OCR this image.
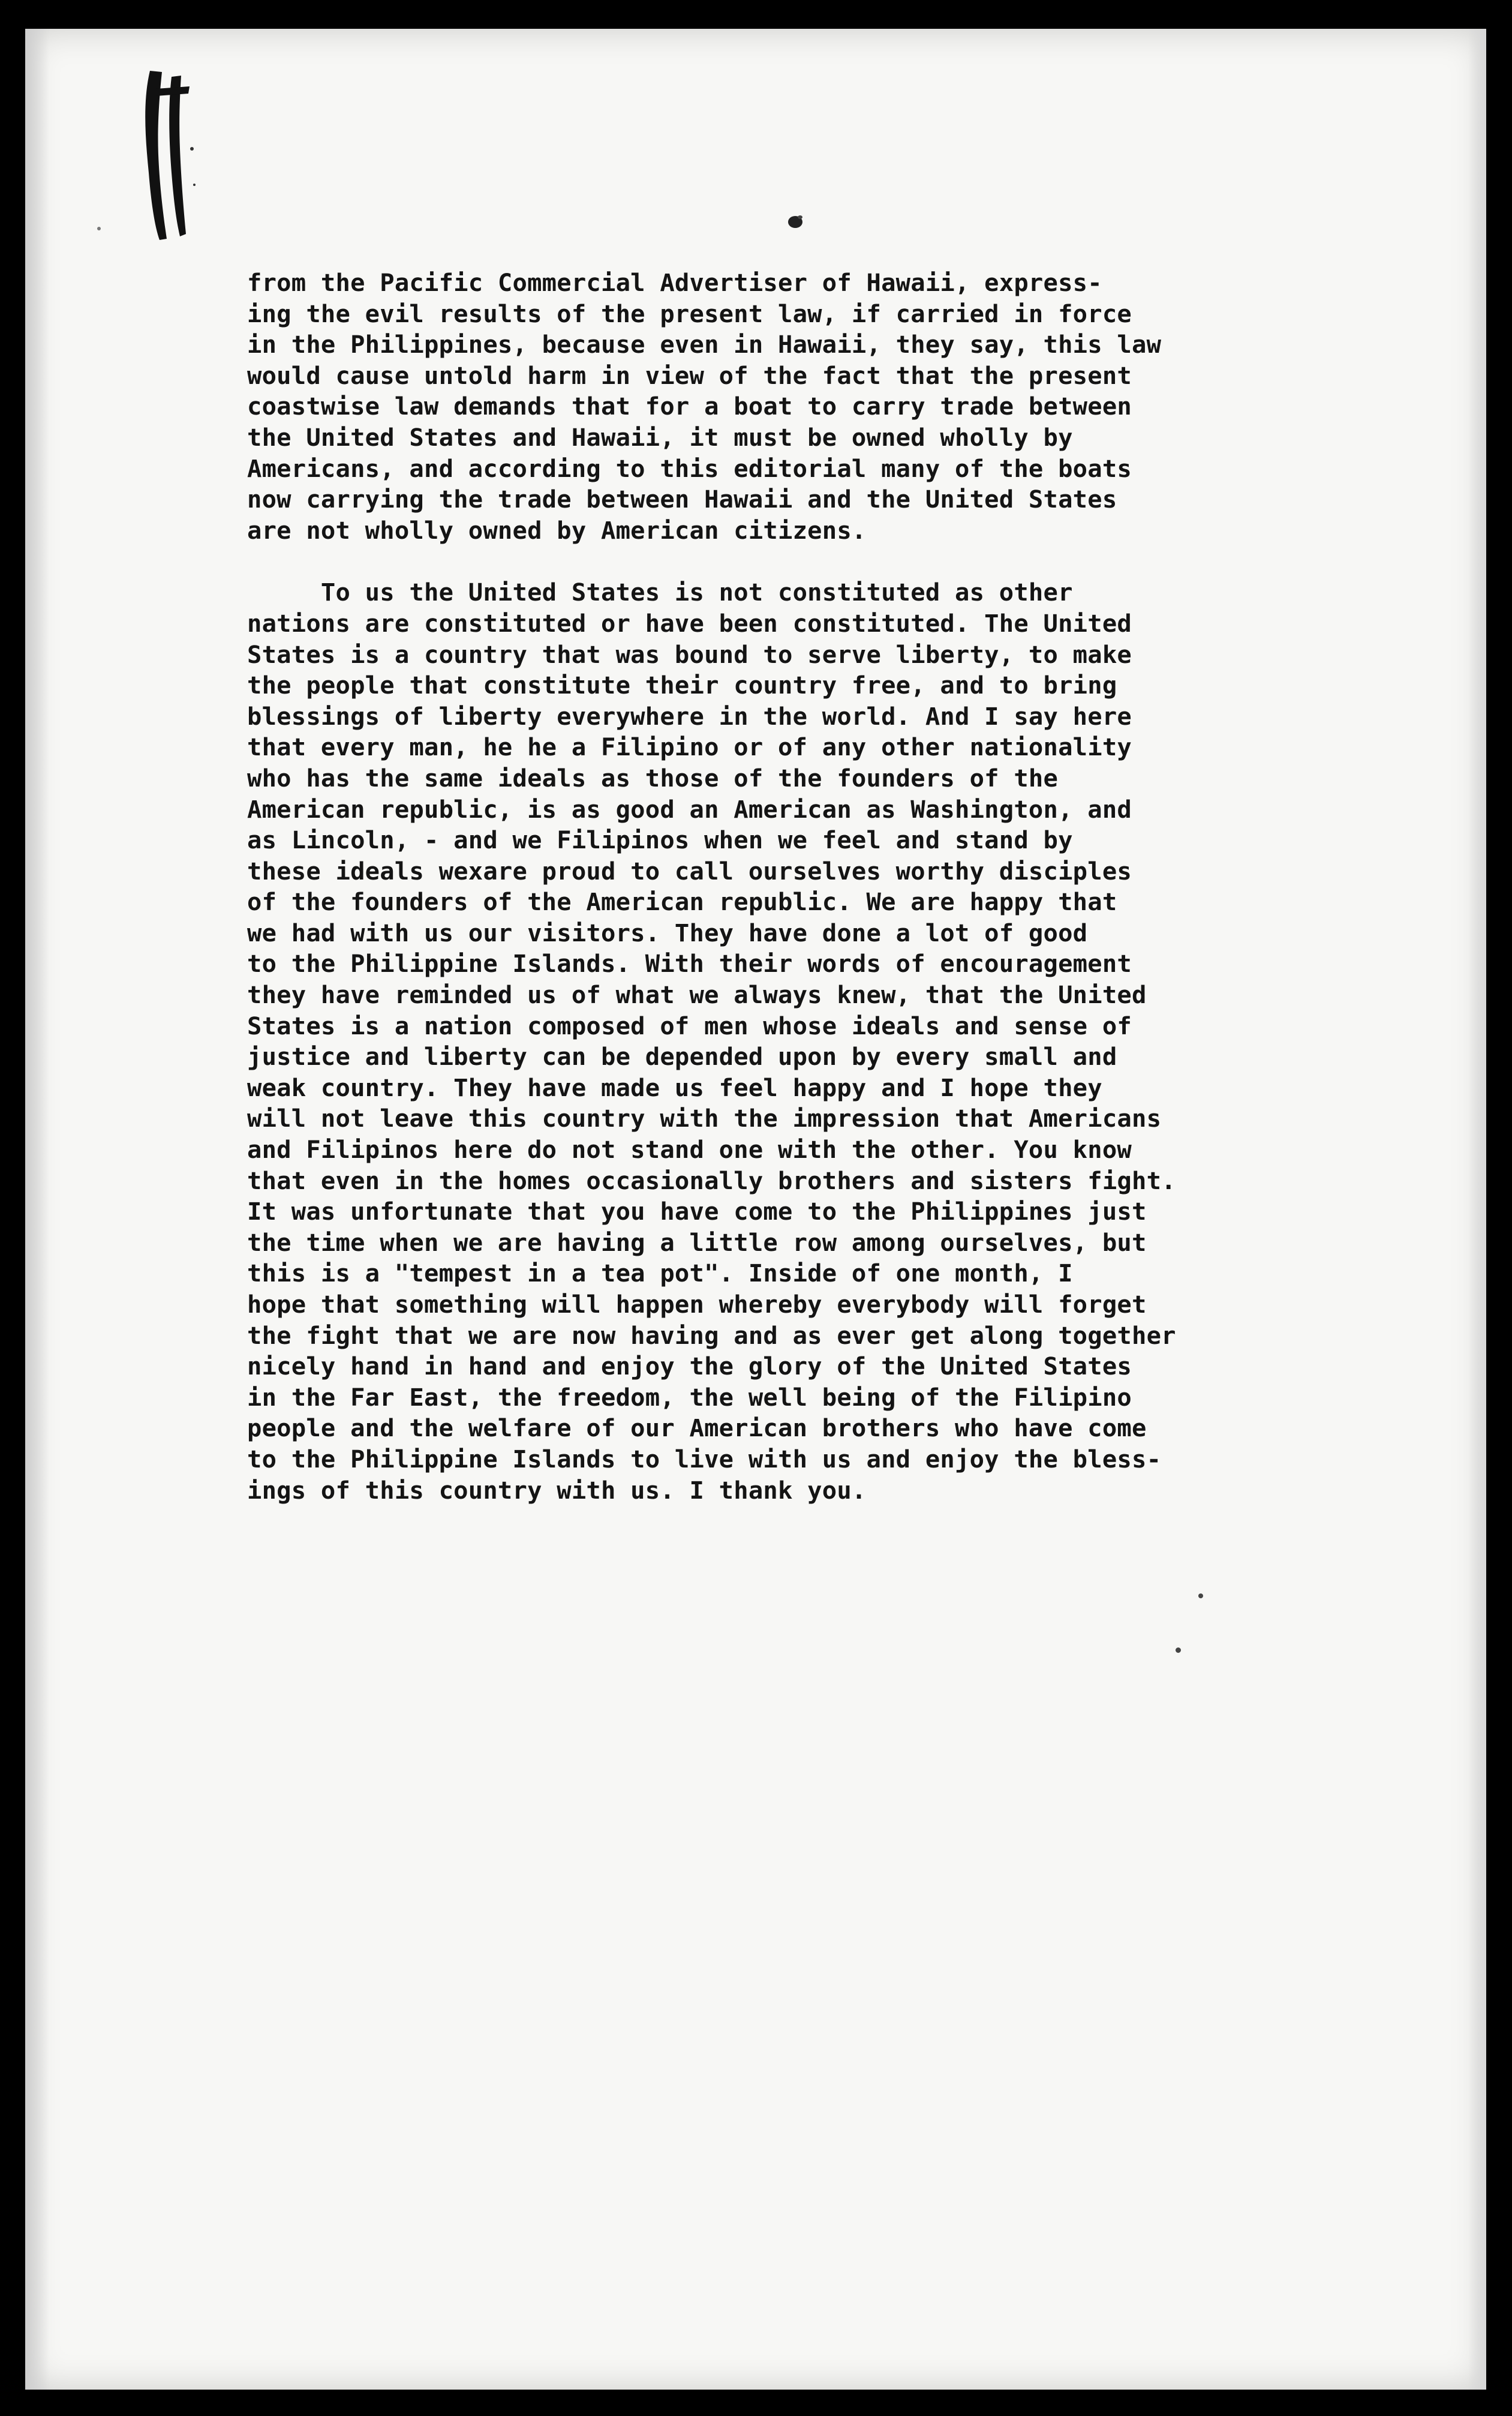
from the Pacific Commercial Advertiser of Hawaii, express-
ing the evil results of the present law, if carried in force
in the Philippines, because even in Hawaii, they say, this law
would cause untold harm in view of the fact that the present
coastwise law demands that for a boat to carry trade between
the United States and Hawaii, it must be owned wholly by
Americans, and according to this editorial many of the boats
now carrying the trade between Hawaii and the United States
are not wholly owned by American citizens.
To us the United States is not constituted as other
nations are constituted or have been constituted. The United
States is a country that was bound to serve liberty, to make
the people that constitute their country free, and to bring
blessings of liberty everywhere in the world. And I say here
that every man, he he a Filipino or of any other nationality
who has the same ideals as those of the founders of the
American republic, is as good an American as Washington, and
as Lincoln, - and we Filipinos when we feel and stand by
these ideals wexare proud to call ourselves worthy disciples
of the founders of the American republic. We are happy that
we had with us our visitors. They have done a lot of good
to the Philippine Islands. With their words of encouragement
they have reminded us of what we always knew, that the United
States is a nation composed of men whose ideals and sense of
justice and liberty can be depended upon by every small and
weak country. They have made us feel happy and I hope they
will not leave this country with the impression that Americans
and Filipinos here do not stand one with the other. You know
that even in the homes occasionally brothers and sisters fight.
It was unfortunate that you have come to the Philippines just
the time when we are having a little row among ourselves, but
this is a "tempest in a tea pot". Inside of one month, I
hope that something will happen whereby everybody will forget
the fight that we are now having and as ever get along together
nicely hand in hand and enjoy the glory of the United States
in the Far East, the freedom, the well being of the Filipino
people and the welfare of our American brothers who have come
to the Philippine Islands to live with us and enjoy the bless-
ings of this country with us. I thank you.
